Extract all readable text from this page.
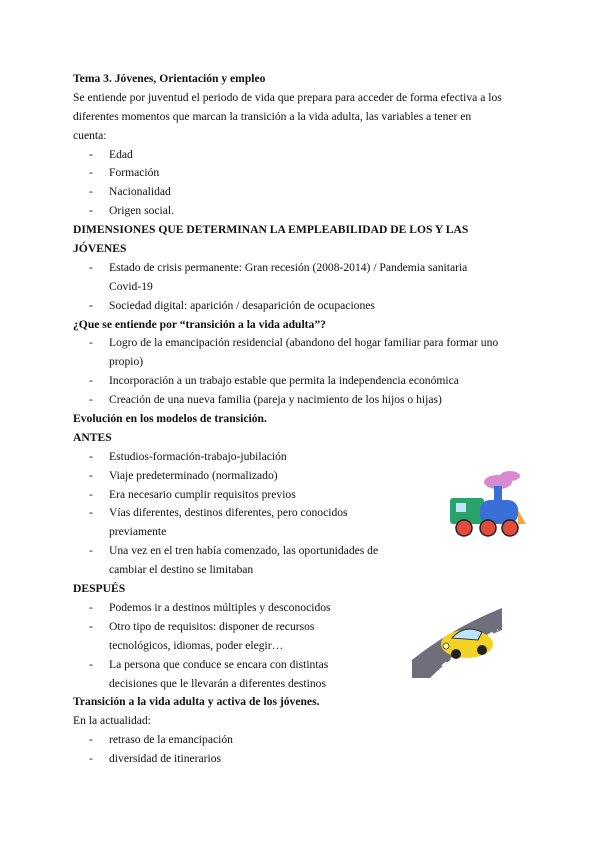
Tema 3. Jóvenes, Orientación y empleo
Se entiende por juventud el periodo de vida que prepara para acceder de forma efectiva a los
diferentes momentos que marcan la transición a la vida adulta, las variables a tener en
cuenta:
- Edad
- Formación
- Nacionalidad
- Origen social.
DIMENSIONES QUE DETERMINAN LA EMPLEABILIDAD DE LOS Y LAS
JÓVENES
- Estado de crisis permanente: Gran recesión (2008-2014) / Pandemia sanitaria
Covid-19
- Sociedad digital: aparición / desaparición de ocupaciones
¿Que se entiende por “transición a la vida adulta”?
- Logro de la emancipación residencial (abandono del hogar familiar para formar uno
propio)
- Incorporación a un trabajo estable que permita la independencia económica
- Creación de una nueva familia (pareja y nacimiento de los hijos o hijas)
Evolución en los modelos de transición.
ANTES
- Estudios-formación-trabajo-jubilación
- Viaje predeterminado (normalizado)
- Era necesario cumplir requisitos previos
- Vías diferentes, destinos diferentes, pero conocidos
previamente
- Una vez en el tren había comenzado, las oportunidades de
cambiar el destino se limitaban
DESPUÉS
- Podemos ir a destinos múltiples y desconocidos
- Otro tipo de requisitos: disponer de recursos
tecnológicos, idiomas, poder elegir…
- La persona que conduce se encara con distintas
decisiones que le llevarán a diferentes destinos
Transición a la vida adulta y activa de los jóvenes.
En la actualidad:
- retraso de la emancipación
- diversidad de itinerarios
